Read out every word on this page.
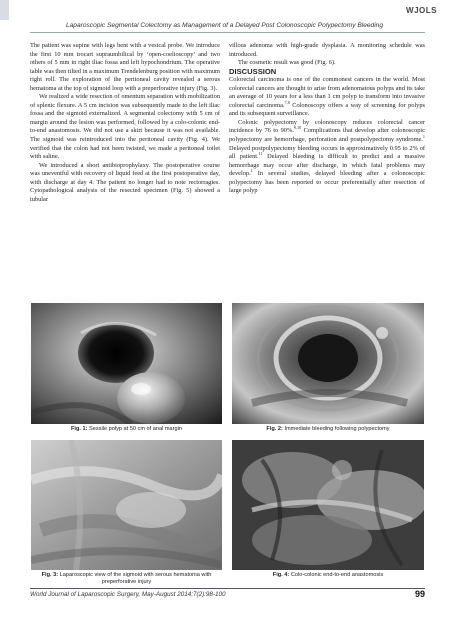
WJOLS
Laparoscopic Segmental Colectomy as Management of a Delayed Post Colonoscopic Polypectomy Bleeding

The patient was supine with legs bent with a vesical probe. We introduce the first 10 mm trocart supraumbilical by ‘open-coelioscopy’ and two others of 5 mm in right iliac fossa and left hypochondrium. The operative table was then tilted in a maximum Trendelenburg position with maximum right roll. The exploration of the peritoneal cavity revealed a serous hematoma at the top of sigmoid loop with a preperforative injury (Fig. 3).

We realized a wide resection of omentum separation with mobilization of splenic flexure. A 5 cm incision was subsequently made to the left iliac fossa and the sigmoid externalized. A segmental colectomy with 5 cm of margin around the lesion was performed, followed by a colo-colonic end-to-end anastomosis. We did not use a skirt because it was not available. The sigmoid was reintroduced into the peritoneal cavity (Fig. 4). We verified that the colon had not been twisted, we made a peritoneal toilet with saline.

We introduced a short antibioprophylaxy. The postoperative course was uneventful with recovery of liquid feed at the first postoperative day, with discharge at day 4. The patient no longer had to note rectorragies. Cytopathological analysis of the resected specimen (Fig. 5) showed a tubular

villous adenoma with high-grade dysplasia. A monitoring schedule was introduced.

The cosmetic result was good (Fig. 6).

DISCUSSION

Colorectal carcinoma is one of the commonest cancers in the world. Most colorectal cancers are thought to arise from adenomatous polyps and its take an average of 10 years for a less than 1 cm polyp to transform into invasive colorectal carcinoma.$^{7,8}$ Colonoscopy offers a way of screening for polyps and its subsequent surveillance.

Colonic polypectomy by colonoscopy reduces colorectal cancer incidence by 76 to 90%.$^{9,10}$ Complications that develop after colonoscopic polypectomy are hemorrhage, perforation and postpolypectomy syndrome.$^1$ Delayed postpolypectomy bleeding occurs in approximatively 0.95 to 2% of all patient.$^{11}$ Delayed bleeding is difficult to predict and a massive hemorrhage may occur after discharge, in which fatal problems may develop.$^1$ In several studies, delayed bleeding after a colonoscopic polypectomy has been reported to occur preferentially after resection of large polyp

Fig. 1: Sessile polyp at 50 cm of anal margin	Fig. 2: Immediate bleeding following polypectomy
Fig. 3: Laparoscopic view of the sigmoid with serous hematoma with preperforative injury
Fig. 4: Colo-colonic end-to-end anastomosis
World Journal of Laparoscopic Surgery, May-August 2014;7(2):98-100	99
